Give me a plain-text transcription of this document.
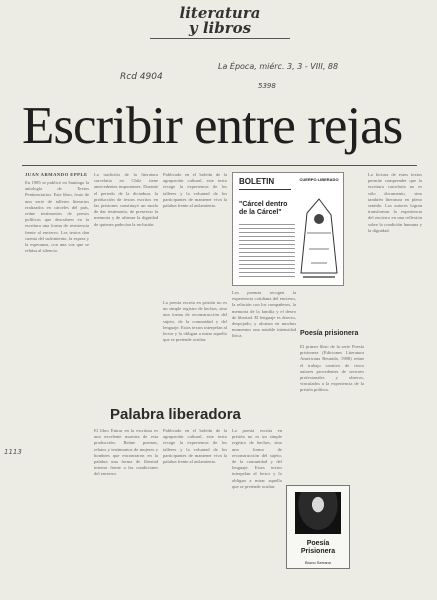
literatura
y libros
La Época, miérc. 3, 3 - VIII, 88
Rcd 4904
5398
Escribir entre rejas
JUAN ARMANDO EPPLE
En 1985 se publicó en Santiago la antología de Textos Penitenciarios. Este libro, fruto de una serie de talleres literarios realizados en cárceles del país, reúne testimonios de presos políticos que descubren en la escritura una forma de resistencia frente al encierro. Los textos dan cuenta del sufrimiento, la espera y la esperanza, con una voz que se rehúsa al silencio.
La tradición de la literatura carcelaria en Chile tiene antecedentes importantes. Durante el periodo de la dictadura, la producción de textos escritos en las prisiones constituyó un modo de dar testimonio, de preservar la memoria y de afirmar la dignidad de quienes padecían la reclusión.
Publicado en el boletín de la agrupación cultural, este texto recoge la experiencia de los talleres y la voluntad de los participantes de mantener viva la palabra frente al aislamiento.
La poesía escrita en prisión no es un simple registro de hechos, sino una forma de reconstrucción del sujeto, de la comunidad y del lenguaje. Estos textos interpelan al lector y lo obligan a mirar aquello que se pretende ocultar.
BOLETIN
"Cárcel dentro de la Cárcel"
CUERPO LIBERADO
Los poemas recogen la experiencia cotidiana del encierro, la relación con los compañeros, la memoria de la familia y el deseo de libertad. El lenguaje es directo, despojado, y alcanza en muchos momentos una notable intensidad lírica.	Poesía prisionera
El primer libro de la serie Poesía prisionera (Ediciones Literatura Americana Reunida, 1988) reúne el trabajo creativo de cinco autores procedentes de sectores profesionales y obreros, vinculados a la experiencia de la prisión política.
La lectura de estos textos permite comprender que la escritura carcelaria no es sólo documento, sino también literatura en pleno sentido. Los autores logran transformar la experiencia del encierro en una reflexión sobre la condición humana y la dignidad.
Palabra liberadora
El libro Entrar en la escritura es una excelente muestra de esta producción. Reúne poemas, relatos y testimonios de mujeres y hombres que encontraron en la palabra una forma de libertad interior frente a las condiciones del encierro.
Publicado en el boletín de la agrupación cultural, este texto recoge la experiencia de los talleres y la voluntad de los participantes de mantener viva la palabra frente al aislamiento.
La poesía escrita en prisión no es un simple registro de hechos, sino una forma de reconstrucción del sujeto, de la comunidad y del lenguaje. Estos textos interpelan al lector y lo obligan a mirar aquello que se pretende ocultar.
Poesía
Prisionera
Bruno Serrano
1113
